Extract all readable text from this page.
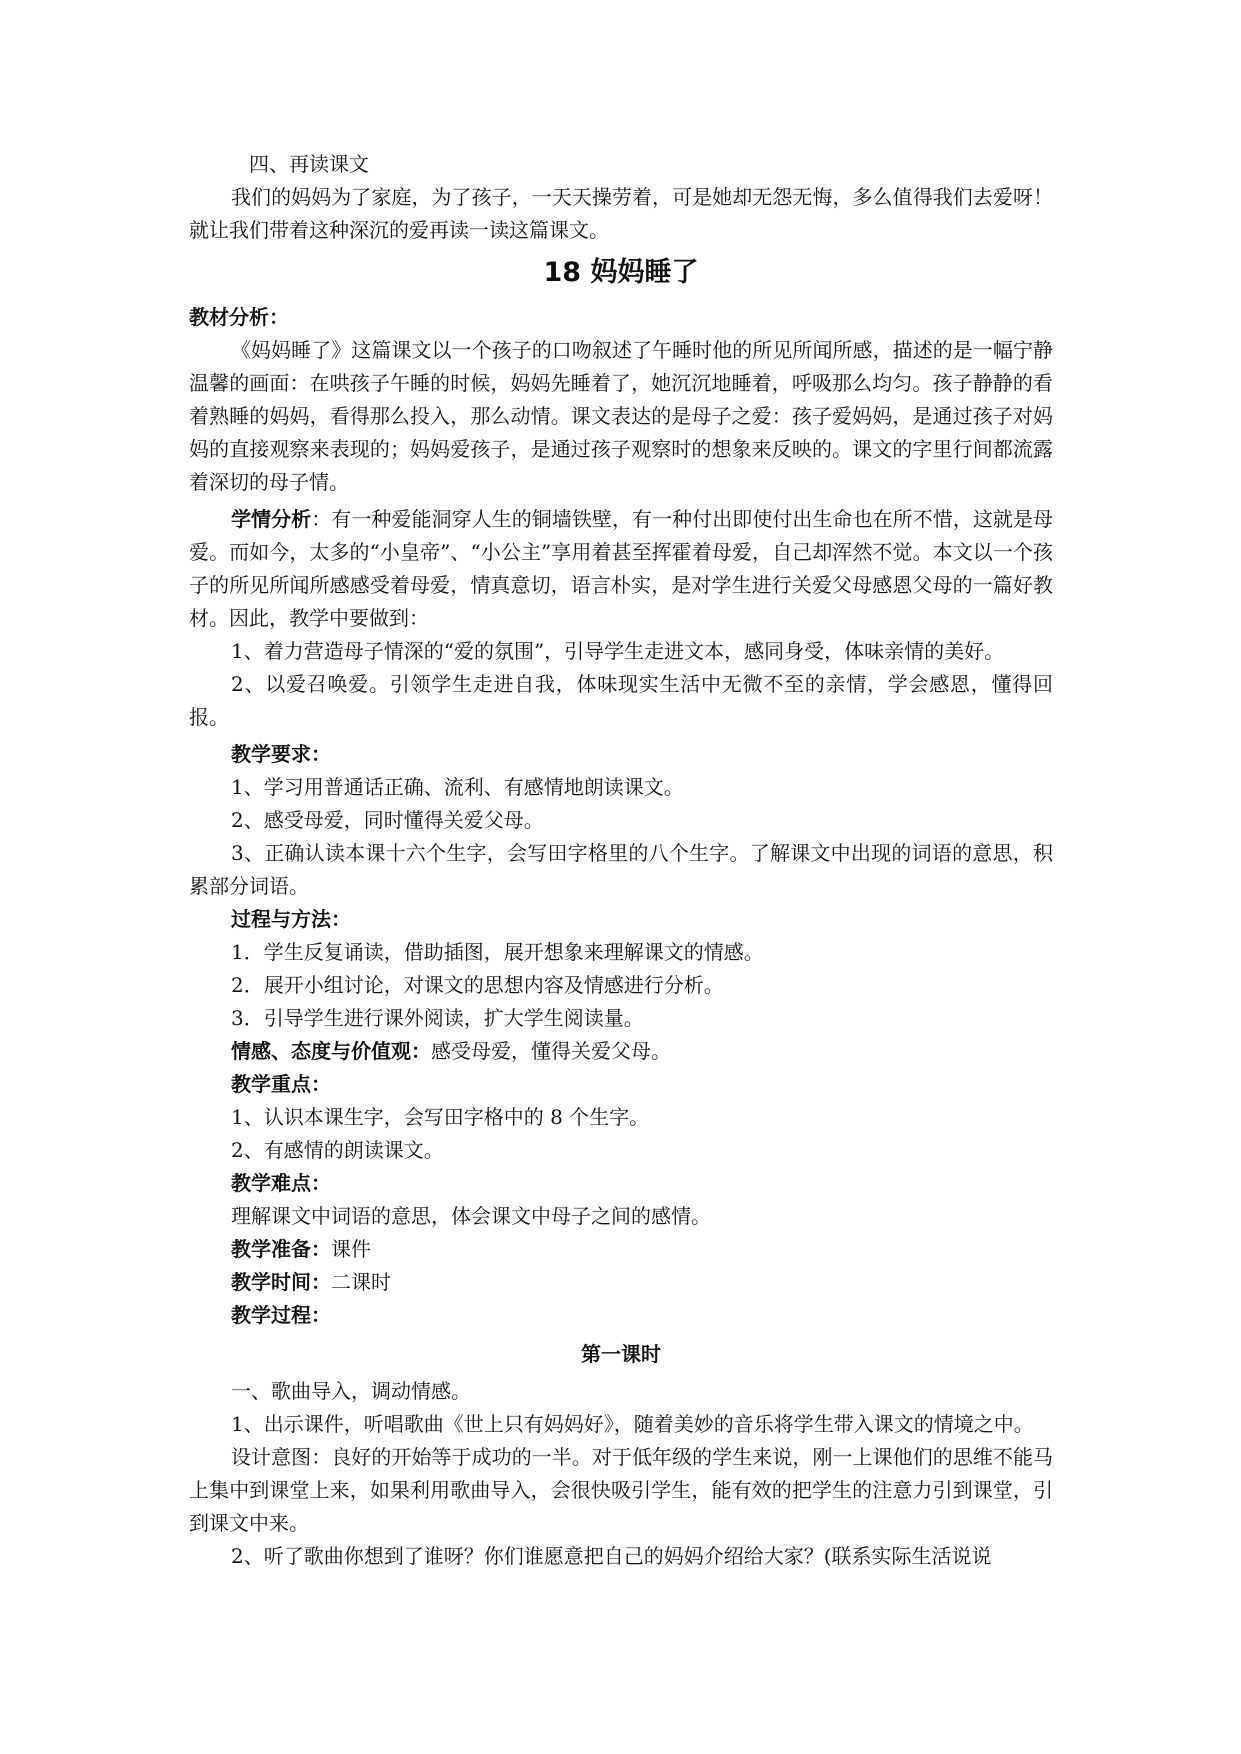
四、再读课文

我们的妈妈为了家庭，为了孩子，一天天操劳着，可是她却无怨无悔，多么值得我们去爱呀！就让我们带着这种深沉的爱再读一读这篇课文。

18 妈妈睡了

教材分析：

《妈妈睡了》这篇课文以一个孩子的口吻叙述了午睡时他的所见所闻所感，描述的是一幅宁静温馨的画面：在哄孩子午睡的时候，妈妈先睡着了，她沉沉地睡着，呼吸那么均匀。孩子静静的看着熟睡的妈妈，看得那么投入，那么动情。课文表达的是母子之爱：孩子爱妈妈，是通过孩子对妈妈的直接观察来表现的；妈妈爱孩子，是通过孩子观察时的想象来反映的。课文的字里行间都流露着深切的母子情。

学情分析：有一种爱能洞穿人生的铜墙铁壁，有一种付出即使付出生命也在所不惜，这就是母爱。而如今，太多的“小皇帝”、“小公主”享用着甚至挥霍着母爱，自己却浑然不觉。本文以一个孩子的所见所闻所感感受着母爱，情真意切，语言朴实，是对学生进行关爱父母感恩父母的一篇好教材。因此，教学中要做到：

1、着力营造母子情深的“爱的氛围”，引导学生走进文本，感同身受，体味亲情的美好。

2、以爱召唤爱。引领学生走进自我，体味现实生活中无微不至的亲情，学会感恩，懂得回报。

教学要求：

1、学习用普通话正确、流利、有感情地朗读课文。

2、感受母爱，同时懂得关爱父母。

3、正确认读本课十六个生字，会写田字格里的八个生字。了解课文中出现的词语的意思，积累部分词语。

过程与方法：

1．学生反复诵读，借助插图，展开想象来理解课文的情感。

2．展开小组讨论，对课文的思想内容及情感进行分析。

3．引导学生进行课外阅读，扩大学生阅读量。

情感、态度与价值观：感受母爱，懂得关爱父母。

教学重点：

1、认识本课生字，会写田字格中的 8 个生字。

2、有感情的朗读课文。

教学难点：

理解课文中词语的意思，体会课文中母子之间的感情。

教学准备：课件

教学时间：二课时

教学过程：

第一课时

一、歌曲导入，调动情感。

1、出示课件，听唱歌曲《世上只有妈妈好》，随着美妙的音乐将学生带入课文的情境之中。

设计意图：良好的开始等于成功的一半。对于低年级的学生来说，刚一上课他们的思维不能马上集中到课堂上来，如果利用歌曲导入，会很快吸引学生，能有效的把学生的注意力引到课堂，引到课文中来。

2、听了歌曲你想到了谁呀？你们谁愿意把自己的妈妈介绍给大家？(联系实际生活说说
